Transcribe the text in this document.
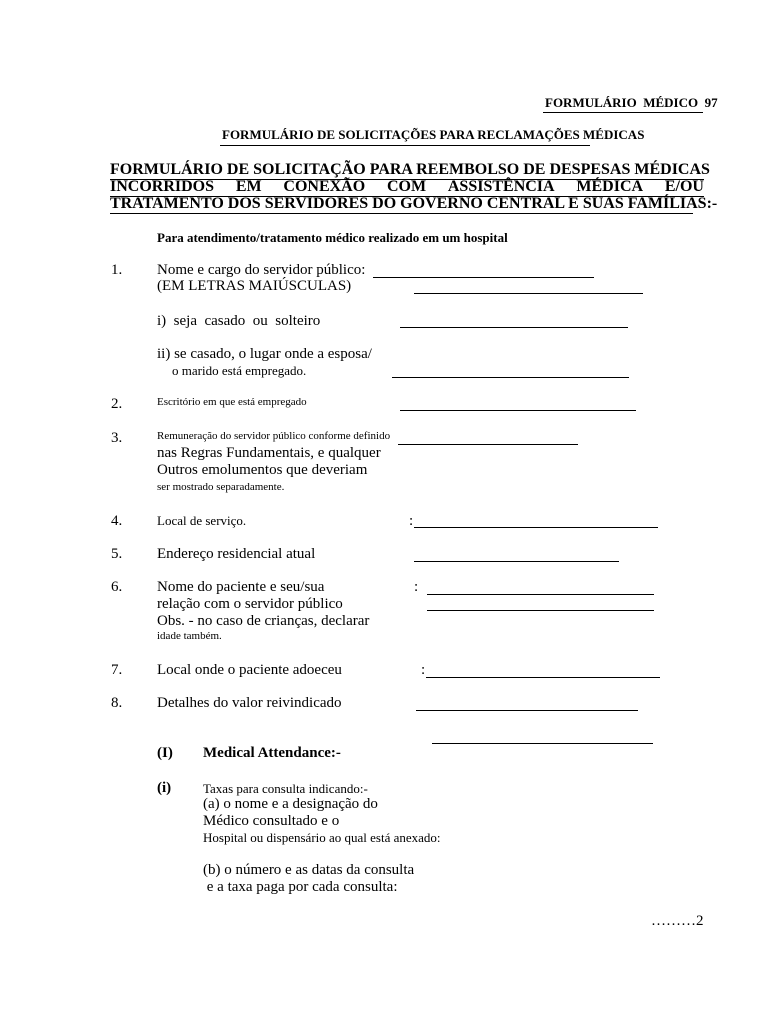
FORMULÁRIO  MÉDICO  97
FORMULÁRIO DE SOLICITAÇÕES PARA RECLAMAÇÕES MÉDICAS
FORMULÁRIO DE SOLICITAÇÃO PARA REEMBOLSO DE DESPESAS MÉDICAS
INCORRIDOS EM CONEXÃO COM ASSISTÊNCIA MÉDICA E/OU
TRATAMENTO DOS SERVIDORES DO GOVERNO CENTRAL E SUAS FAMÍLIAS:-
Para atendimento/tratamento médico realizado em um hospital
1. Nome e cargo do servidor público:
(EM LETRAS MAIÚSCULAS)
i)  seja  casado  ou  solteiro
ii) se casado, o lugar onde a esposa/
o marido está empregado.
2.	Escritório em que está empregado
3.	Remuneração do servidor público conforme definido
nas Regras Fundamentais, e qualquer
Outros emolumentos que deveriam
ser mostrado separadamente.
4.	Local de serviço.	:
5. Endereço residencial atual
6. Nome do paciente e seu/sua	:
relação com o servidor público
Obs. - no caso de crianças, declarar
idade também.
7. Local onde o paciente adoeceu	:
8. Detalhes do valor reivindicado
(I) Medical Attendance:-
(i) Taxas para consulta indicando:-
(a) o nome e a designação do
Médico consultado e o
Hospital ou dispensário ao qual está anexado:
(b) o número e as datas da consulta
e a taxa paga por cada consulta:
………2
